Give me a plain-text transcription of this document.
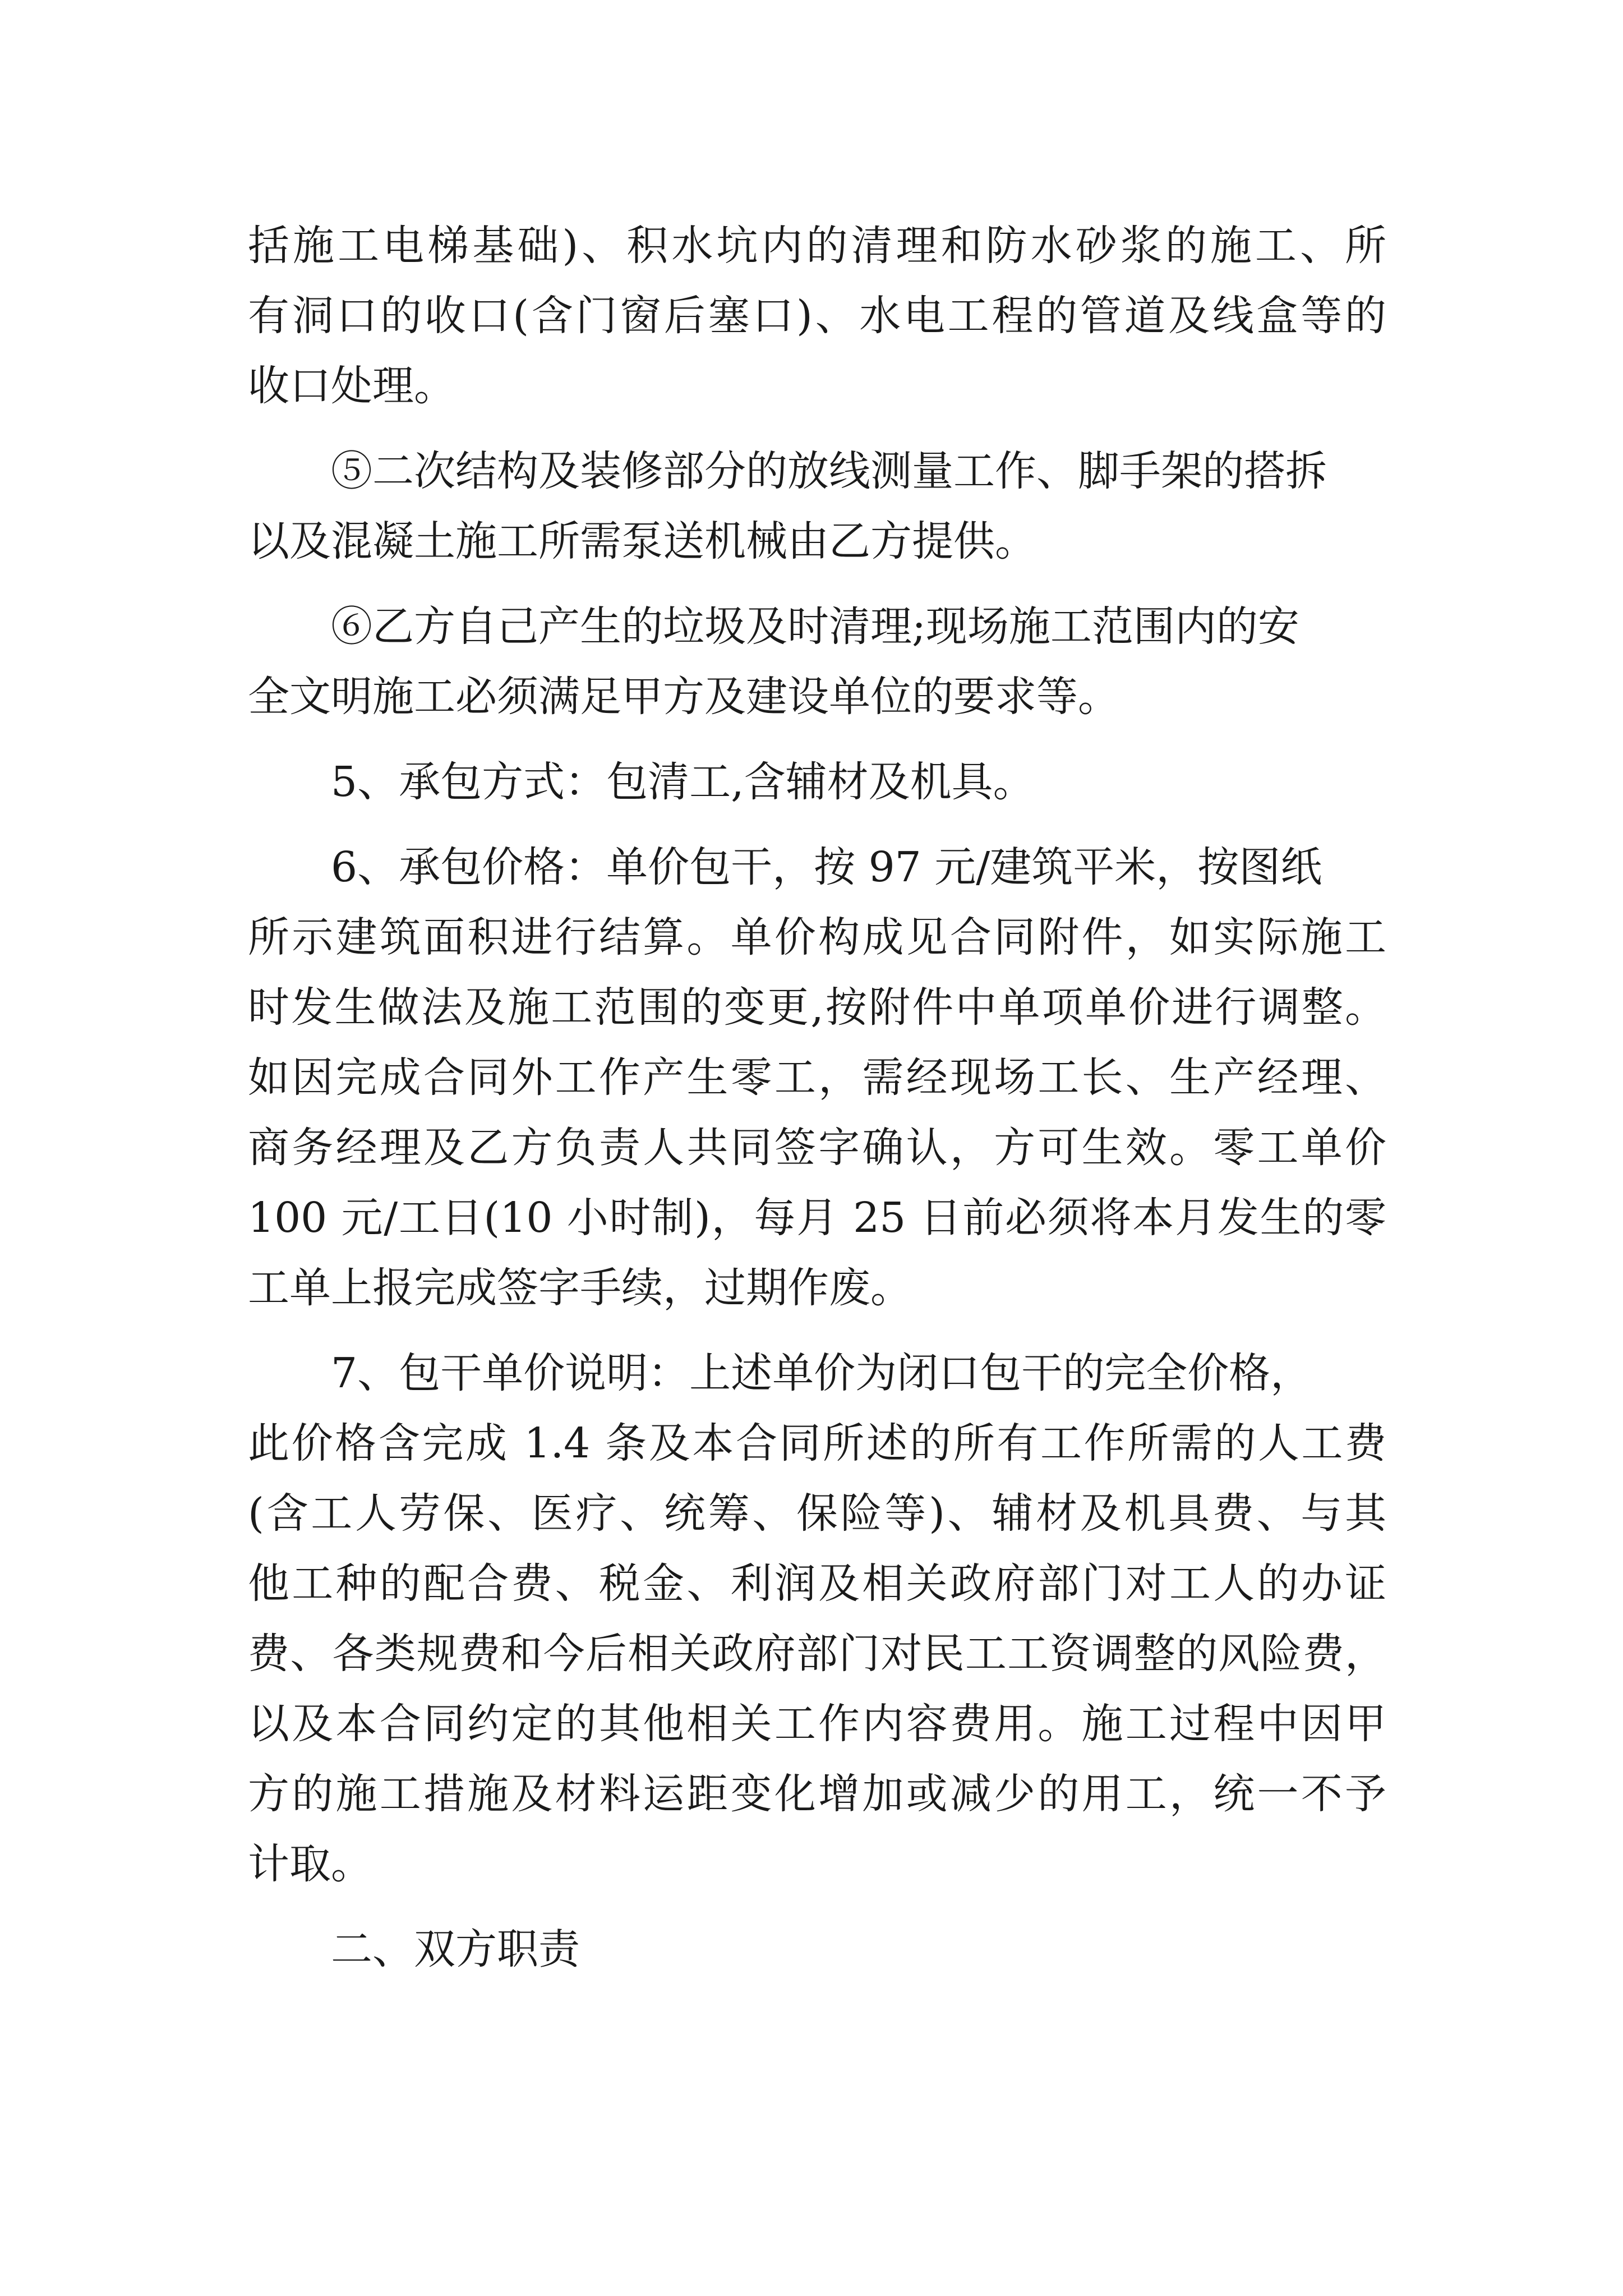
括施工电梯基础)、积水坑内的清理和防水砂浆的施工、所
有洞口的收口(含门窗后塞口)、水电工程的管道及线盒等的
收口处理。
⑤二次结构及装修部分的放线测量工作、脚手架的搭拆
以及混凝土施工所需泵送机械由乙方提供。
⑥乙方自己产生的垃圾及时清理;现场施工范围内的安
全文明施工必须满足甲方及建设单位的要求等。
5、承包方式：包清工,含辅材及机具。
6、承包价格：单价包干，按 97 元/建筑平米，按图纸
所示建筑面积进行结算。单价构成见合同附件，如实际施工
时发生做法及施工范围的变更,按附件中单项单价进行调整。
如因完成合同外工作产生零工，需经现场工长、生产经理、
商务经理及乙方负责人共同签字确认，方可生效。零工单价
100 元/工日(10 小时制)，每月 25 日前必须将本月发生的零
工单上报完成签字手续，过期作废。
7、包干单价说明：上述单价为闭口包干的完全价格，
此价格含完成 1.4 条及本合同所述的所有工作所需的人工费
(含工人劳保、医疗、统筹、保险等)、辅材及机具费、与其
他工种的配合费、税金、利润及相关政府部门对工人的办证
费、各类规费和今后相关政府部门对民工工资调整的风险费，
以及本合同约定的其他相关工作内容费用。施工过程中因甲
方的施工措施及材料运距变化增加或减少的用工，统一不予
计取。
二、双方职责
